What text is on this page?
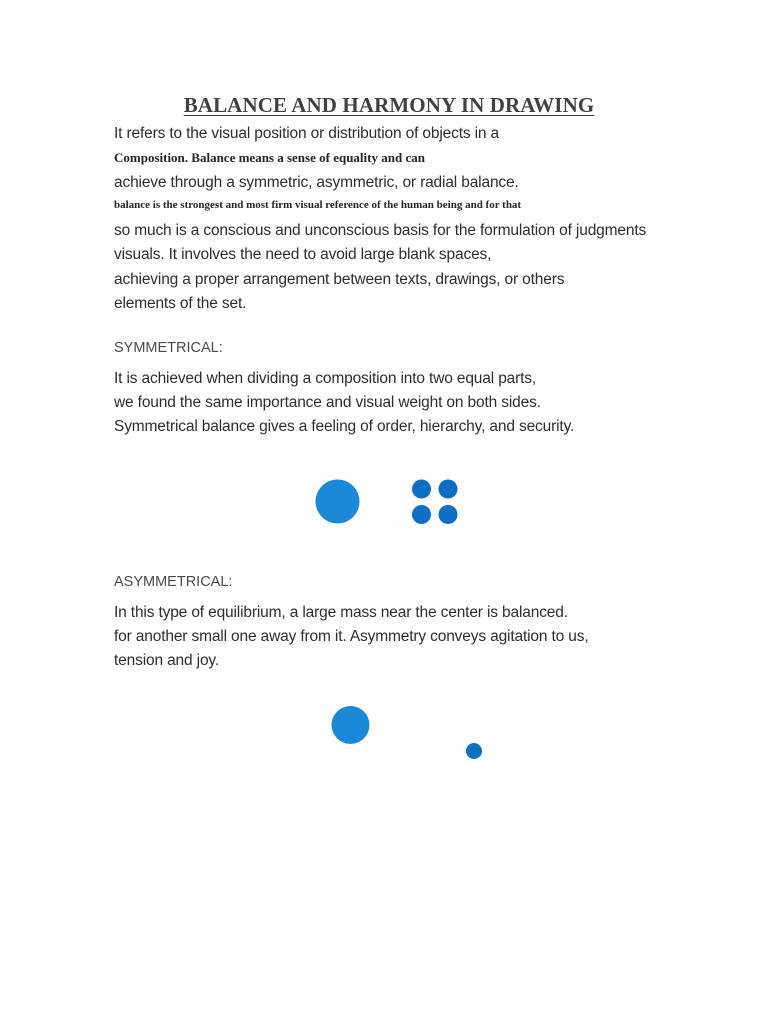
BALANCE AND HARMONY IN DRAWING

It refers to the visual position or distribution of objects in a

Composition. Balance means a sense of equality and can

achieve through a symmetric, asymmetric, or radial balance.

balance is the strongest and most firm visual reference of the human being and for that

so much is a conscious and unconscious basis for the formulation of judgments

visuals. It involves the need to avoid large blank spaces,

achieving a proper arrangement between texts, drawings, or others

elements of the set.

SYMMETRICAL:

It is achieved when dividing a composition into two equal parts,

we found the same importance and visual weight on both sides.

Symmetrical balance gives a feeling of order, hierarchy, and security.

ASYMMETRICAL:

In this type of equilibrium, a large mass near the center is balanced.

for another small one away from it. Asymmetry conveys agitation to us,

tension and joy.
